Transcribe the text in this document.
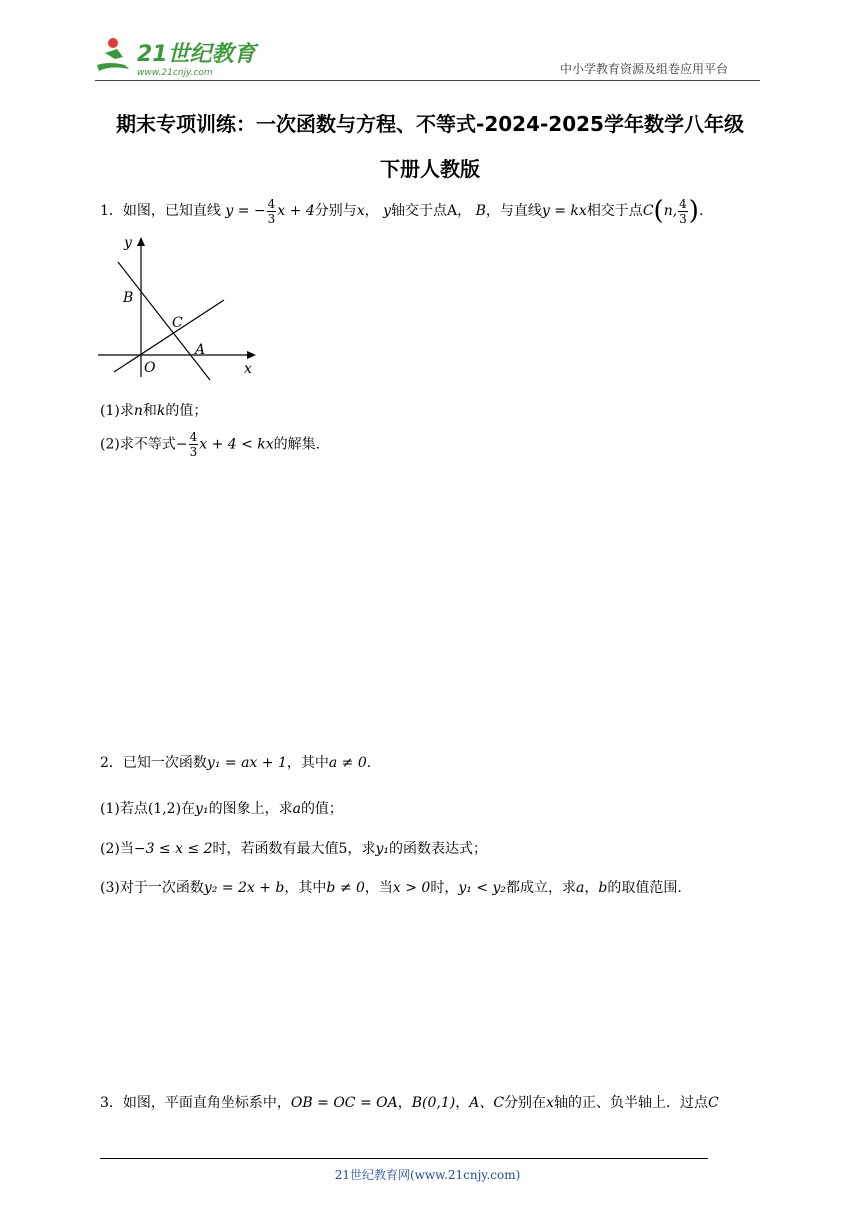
21世纪教育
www.21cnjy.com	中小学教育资源及组卷应用平台
期末专项训练：一次函数与方程、不等式-2024-2025学年数学八年级
下册人教版
1．如图，已知直线 y = − $\frac{4}{3}$ x + 4分别与x， y轴交于点A， B，与直线y = kx相交于点C(n, $\frac{4}{3}$ ).
y
x
B
C
A
O
(1)求n和k的值；
(2)求不等式− $\frac{4}{3}$ x + 4 < kx的解集.
2．已知一次函数y₁ = ax + 1，其中a ≠ 0.
(1)若点(1,2)在y₁的图象上，求a的值；
(2)当−3 ≤ x ≤ 2时，若函数有最大值5，求y₁的函数表达式；
(3)对于一次函数y₂ = 2x + b，其中b ≠ 0，当x > 0时，y₁ < y₂都成立，求a，b的取值范围.
3．如图，平面直角坐标系中，OB = OC = OA，B(0,1)，A、C分别在x轴的正、负半轴上．过点C
21世纪教育网(www.21cnjy.com)
